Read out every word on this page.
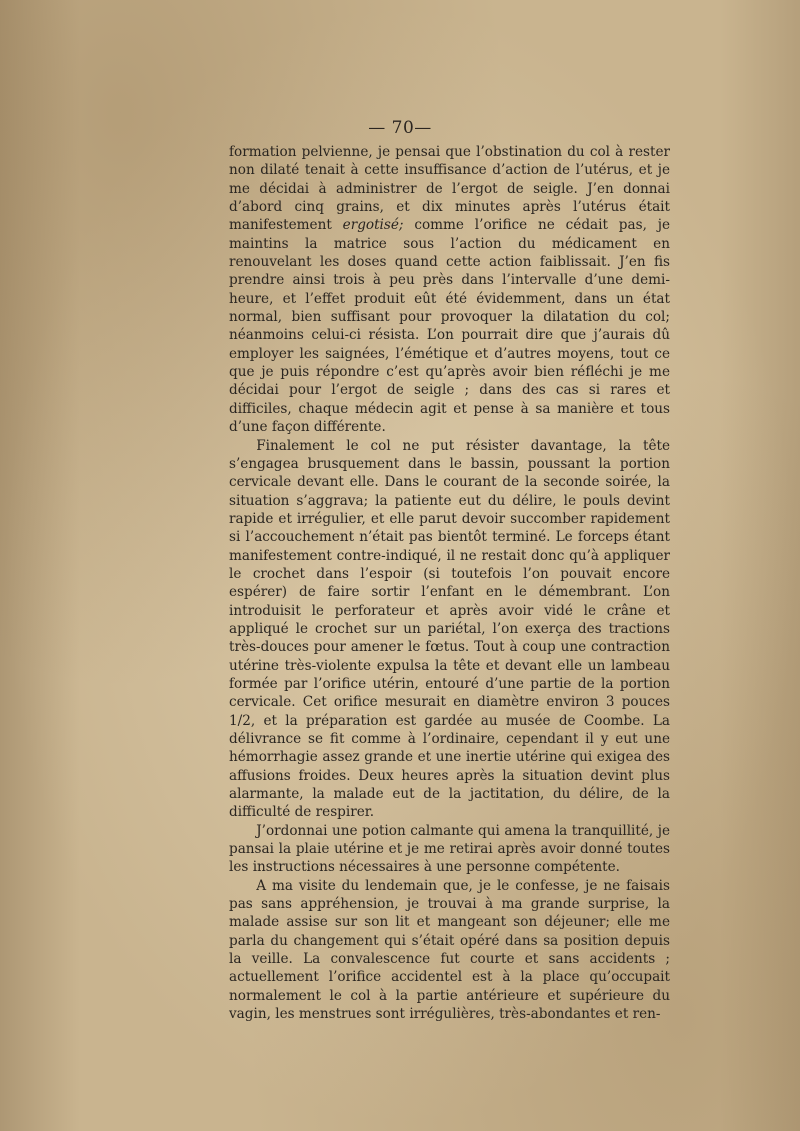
— 70—

formation pelvienne, je pensai que l’obstination du col à rester non dilaté tenait à cette insuffisance d’action de l’utérus, et je me décidai à administrer de l’ergot de seigle. J’en donnai d’abord cinq grains, et dix minutes après l’utérus était manifestement ergotisé; comme l’orifice ne cédait pas, je maintins la matrice sous l’action du médicament en renouvelant les doses quand cette action faiblissait. J’en fis prendre ainsi trois à peu près dans l’intervalle d’une demi-heure, et l’effet produit eût été évidemment, dans un état normal, bien suffisant pour provoquer la dilatation du col; néanmoins celui-ci résista. L’on pourrait dire que j’aurais dû employer les saignées, l’émétique et d’autres moyens, tout ce que je puis répondre c’est qu’après avoir bien réfléchi je me décidai pour l’ergot de seigle ; dans des cas si rares et difficiles, chaque médecin agit et pense à sa manière et tous d’une façon différente.

Finalement le col ne put résister davantage, la tête s’engagea brusquement dans le bassin, poussant la portion cervicale devant elle. Dans le courant de la seconde soirée, la situation s’aggrava; la patiente eut du délire, le pouls devint rapide et irrégulier, et elle parut devoir succomber rapidement si l’accouchement n’était pas bientôt terminé. Le forceps étant manifestement contre-indiqué, il ne restait donc qu’à appliquer le crochet dans l’espoir (si toutefois l’on pouvait encore espérer) de faire sortir l’enfant en le démembrant. L’on introduisit le perforateur et après avoir vidé le crâne et appliqué le crochet sur un pariétal, l’on exerça des tractions très-douces pour amener le fœtus. Tout à coup une contraction utérine très-violente expulsa la tête et devant elle un lambeau formée par l’orifice utérin, entouré d’une partie de la portion cervicale. Cet orifice mesurait en diamètre environ 3 pouces 1/2, et la préparation est gardée au musée de Coombe. La délivrance se fit comme à l’ordinaire, cependant il y eut une hémorrhagie assez grande et une inertie utérine qui exigea des affusions froides. Deux heures après la situation devint plus alarmante, la malade eut de la jactitation, du délire, de la difficulté de respirer.

J’ordonnai une potion calmante qui amena la tranquillité, je pansai la plaie utérine et je me retirai après avoir donné toutes les instructions nécessaires à une personne compétente.

A ma visite du lendemain que, je le confesse, je ne faisais pas sans appréhension, je trouvai à ma grande surprise, la malade assise sur son lit et mangeant son déjeuner; elle me parla du changement qui s’était opéré dans sa position depuis la veille. La convalescence fut courte et sans accidents ; actuellement l’orifice accidentel est à la place qu’occupait normalement le col à la partie antérieure et supérieure du vagin, les menstrues sont irrégulières, très-abondantes et ren-
